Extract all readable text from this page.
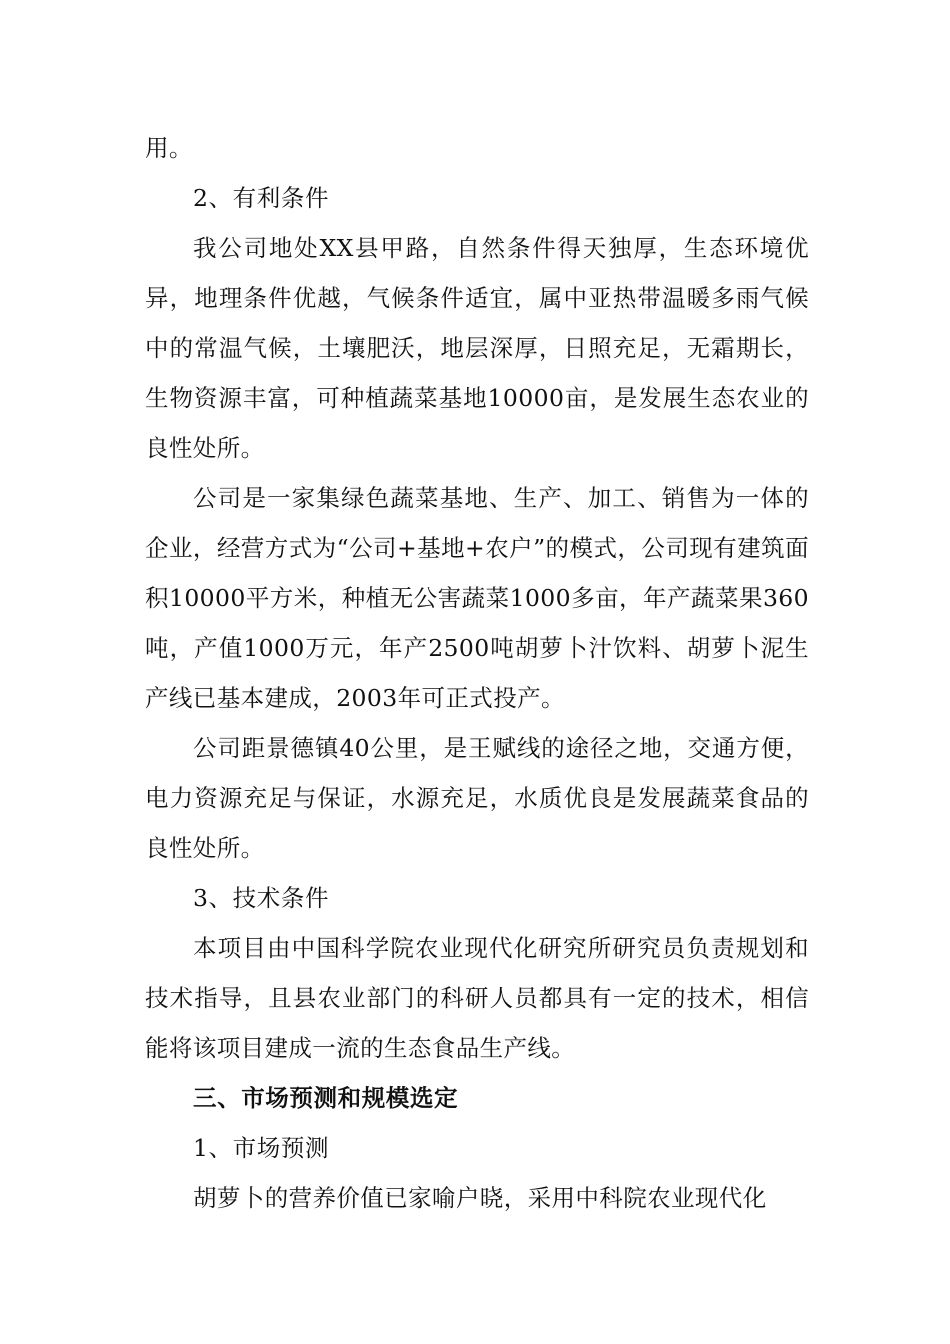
用。

2、有利条件

我公司地处XX县甲路，自然条件得天独厚，生态环境优异，地理条件优越，气候条件适宜，属中亚热带温暖多雨气候中的常温气候，土壤肥沃，地层深厚，日照充足，无霜期长，生物资源丰富，可种植蔬菜基地10000亩，是发展生态农业的良性处所。

公司是一家集绿色蔬菜基地、生产、加工、销售为一体的企业，经营方式为“公司+基地+农户”的模式，公司现有建筑面积10000平方米，种植无公害蔬菜1000多亩，年产蔬菜果360吨，产值1000万元，年产2500吨胡萝卜汁饮料、胡萝卜泥生产线已基本建成，2003年可正式投产。

公司距景德镇40公里，是王赋线的途径之地，交通方便，电力资源充足与保证，水源充足，水质优良是发展蔬菜食品的良性处所。

3、技术条件

本项目由中国科学院农业现代化研究所研究员负责规划和技术指导，且县农业部门的科研人员都具有一定的技术，相信能将该项目建成一流的生态食品生产线。

三、市场预测和规模选定

1、市场预测

胡萝卜的营养价值已家喻户晓，采用中科院农业现代化
